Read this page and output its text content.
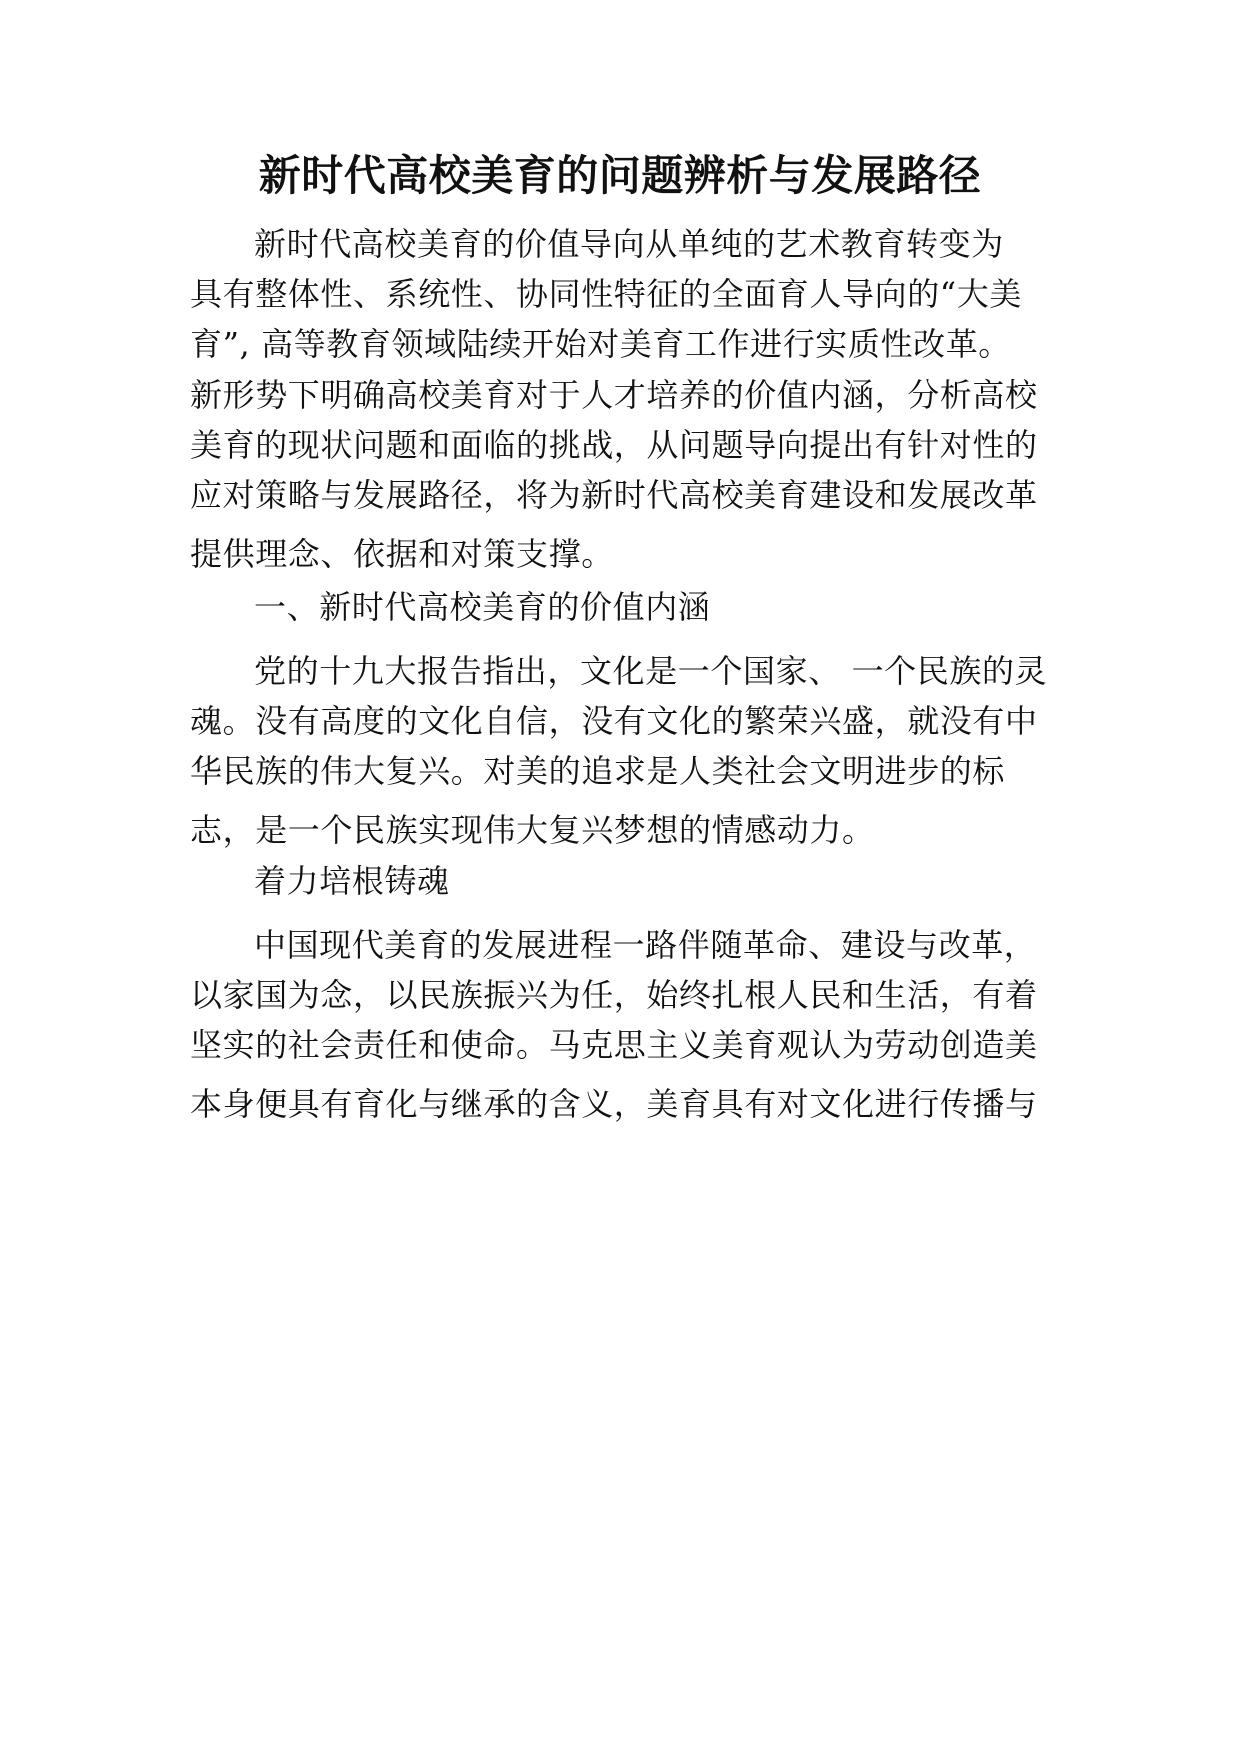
新时代高校美育的问题辨析与发展路径
新时代高校美育的价值导向从单纯的艺术教育转变为
具有整体性、系统性、协同性特征的全面育人导向的“大美
育”, 高等教育领域陆续开始对美育工作进行实质性改革。
新形势下明确高校美育对于人才培养的价值内涵，分析高校
美育的现状问题和面临的挑战，从问题导向提出有针对性的
应对策略与发展路径，将为新时代高校美育建设和发展改革
提供理念、依据和对策支撑。
一、新时代高校美育的价值内涵
党的十九大报告指出，文化是一个国家、 一个民族的灵
魂。没有高度的文化自信，没有文化的繁荣兴盛，就没有中
华民族的伟大复兴。对美的追求是人类社会文明进步的标
志，是一个民族实现伟大复兴梦想的情感动力。
着力培根铸魂
中国现代美育的发展进程一路伴随革命、建设与改革，
以家国为念，以民族振兴为任，始终扎根人民和生活，有着
坚实的社会责任和使命。马克思主义美育观认为劳动创造美
本身便具有育化与继承的含义，美育具有对文化进行传播与
